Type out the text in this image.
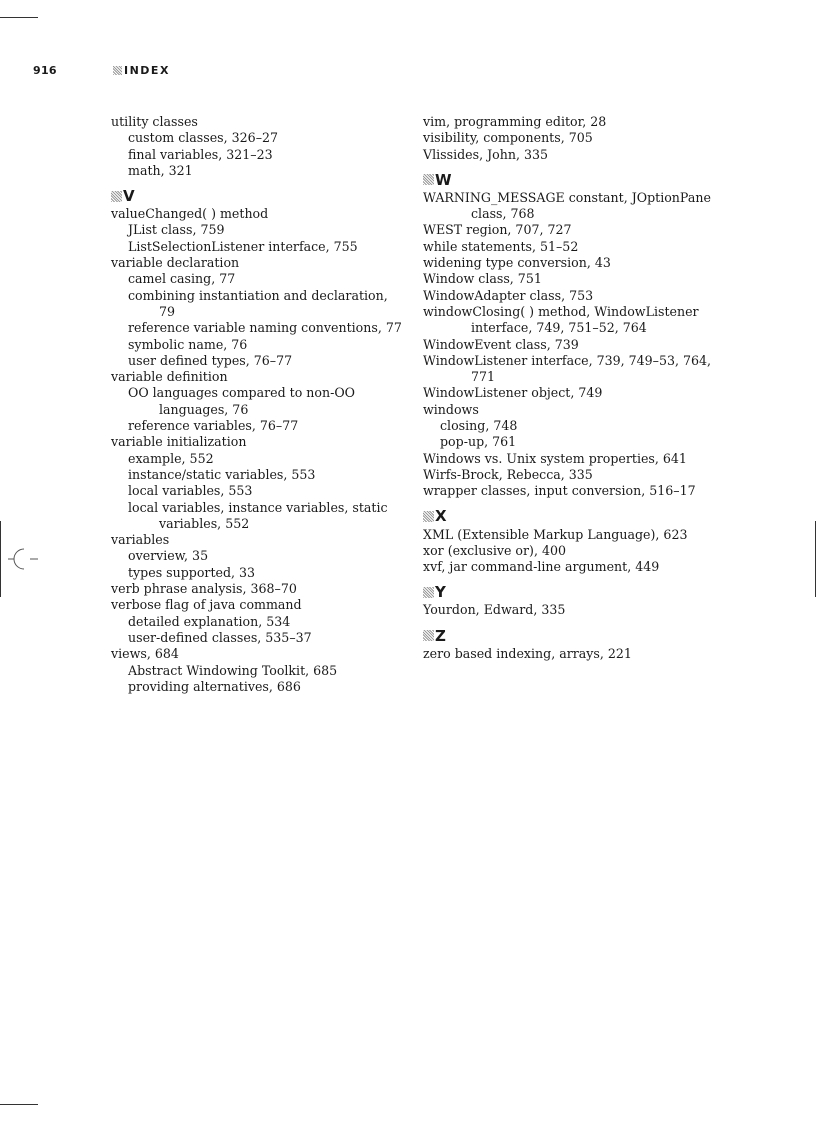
916	INDEX
utility classes
custom classes, 326–27
final variables, 321–23
math, 321
V
valueChanged( ) method
JList class, 759
ListSelectionListener interface, 755
variable declaration
camel casing, 77
combining instantiation and declaration,
79
reference variable naming conventions, 77
symbolic name, 76
user defined types, 76–77
variable definition
OO languages compared to non-OO
languages, 76
reference variables, 76–77
variable initialization
example, 552
instance/static variables, 553
local variables, 553
local variables, instance variables, static
variables, 552
variables
overview, 35
types supported, 33
verb phrase analysis, 368–70
verbose flag of java command
detailed explanation, 534
user-defined classes, 535–37
views, 684
Abstract Windowing Toolkit, 685
providing alternatives, 686
vim, programming editor, 28
visibility, components, 705
Vlissides, John, 335
W
WARNING_MESSAGE constant, JOptionPane
class, 768
WEST region, 707, 727
while statements, 51–52
widening type conversion, 43
Window class, 751
WindowAdapter class, 753
windowClosing( ) method, WindowListener
interface, 749, 751–52, 764
WindowEvent class, 739
WindowListener interface, 739, 749–53, 764,
771
WindowListener object, 749
windows
closing, 748
pop-up, 761
Windows vs. Unix system properties, 641
Wirfs-Brock, Rebecca, 335
wrapper classes, input conversion, 516–17
X
XML (Extensible Markup Language), 623
xor (exclusive or), 400
xvf, jar command-line argument, 449
Y
Yourdon, Edward, 335
Z
zero based indexing, arrays, 221
